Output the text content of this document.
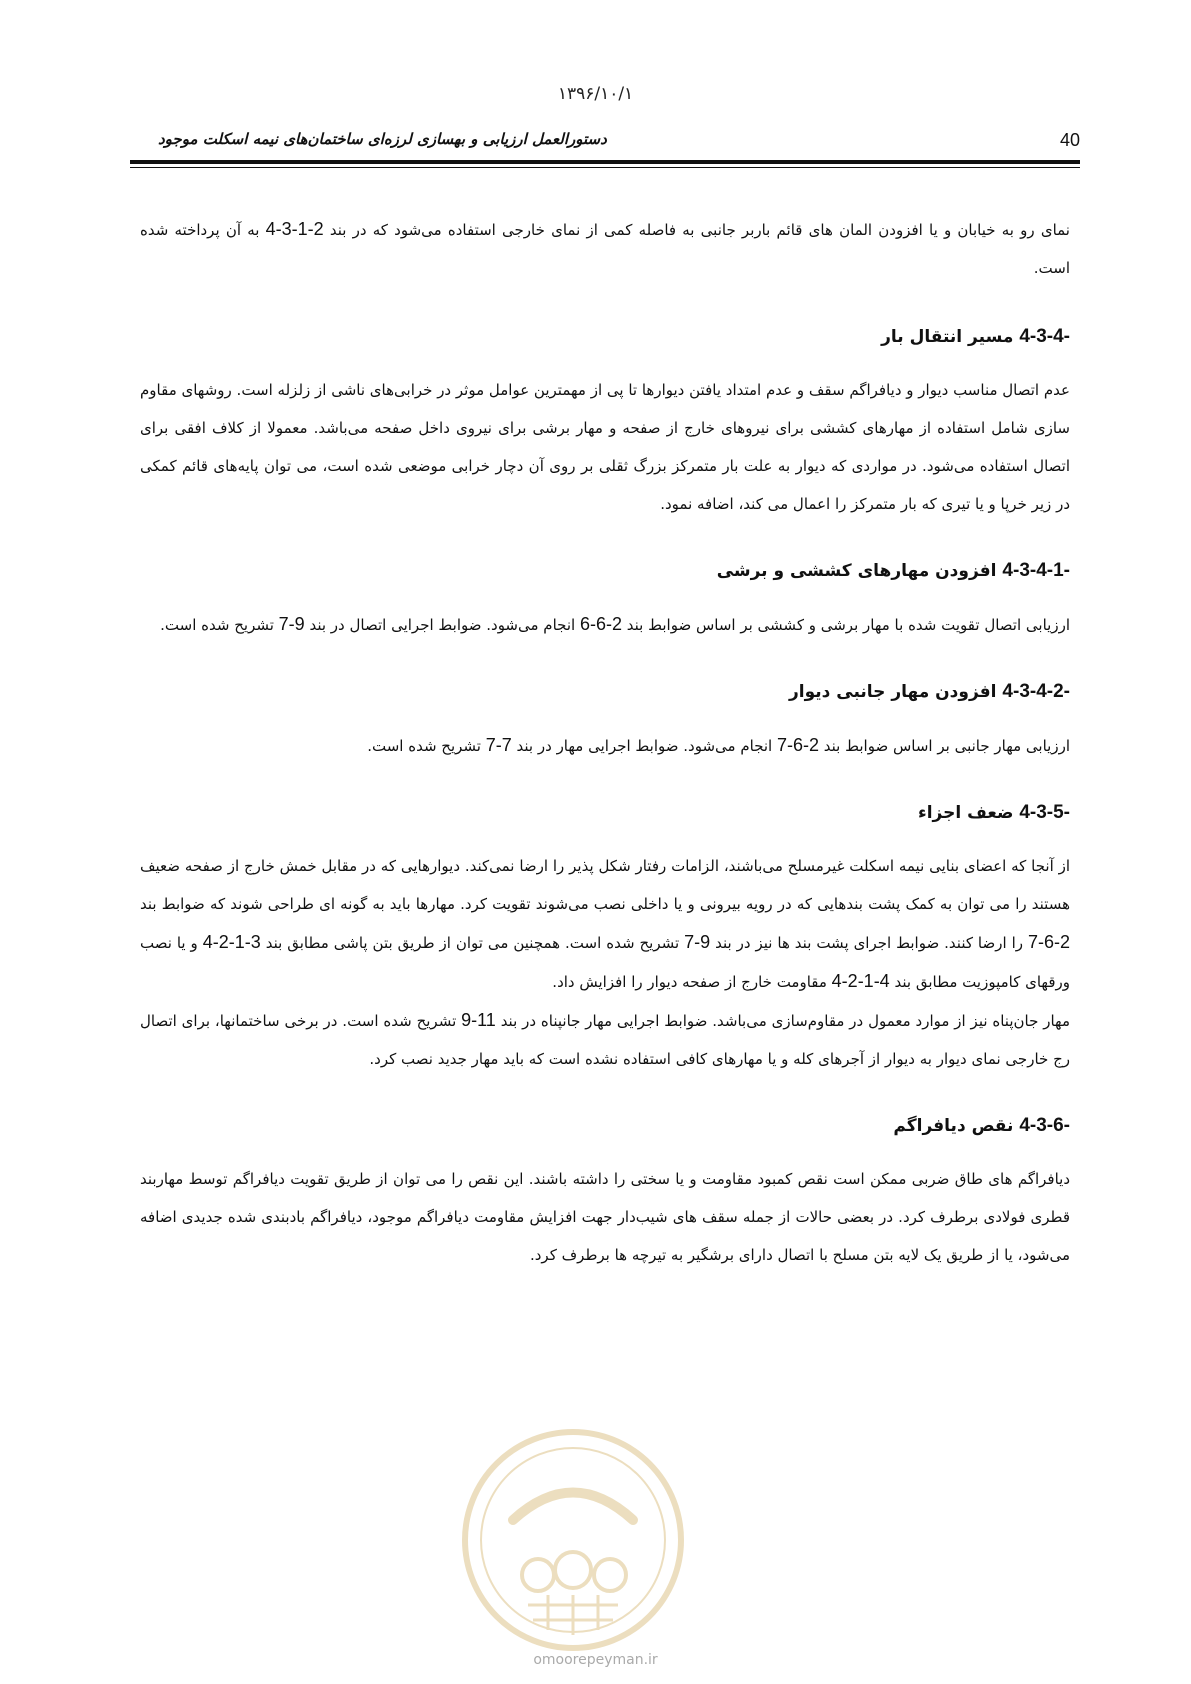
۱۳۹۶/۱۰/۱
40
دستورالعمل ارزیابی و بهسازی لرزه‌ای ساختمان‌های نیمه اسکلت موجود

نمای رو به خیابان و یا افزودن المان های قائم باربر جانبی به فاصله کمی از نمای خارجی استفاده می‌شود که در بند 4-3-1-2 به آن پرداخته شده است.

4-3-4- مسیر انتقال بار

عدم اتصال مناسب دیوار و دیافراگم سقف و عدم امتداد یافتن دیوارها تا پی از مهمترین عوامل موثر در خرابی‌های ناشی از زلزله است. روشهای مقاوم سازی شامل استفاده از مهارهای کششی برای نیروهای خارج از صفحه و مهار برشی برای نیروی داخل صفحه می‌باشد. معمولا از کلاف افقی برای اتصال استفاده می‌شود. در مواردی که دیوار به علت بار متمرکز بزرگ ثقلی بر روی آن دچار خرابی موضعی شده است، می توان پایه‌های قائم کمکی در زیر خرپا و یا تیری که بار متمرکز را اعمال می کند، اضافه نمود.

4-3-4-1- افزودن مهارهای کششی و برشی

ارزیابی اتصال تقویت شده با مهار برشی و کششی بر اساس ضوابط بند 6-6-2 انجام می‌شود. ضوابط اجرایی اتصال در بند 7-9 تشریح شده است.

4-3-4-2- افزودن مهار جانبی دیوار

ارزیابی مهار جانبی بر اساس ضوابط بند 7-6-2 انجام می‌شود. ضوابط اجرایی مهار در بند 7-7 تشریح شده است.

4-3-5- ضعف اجزاء

از آنجا که اعضای بنایی نیمه اسکلت غیرمسلح می‌باشند، الزامات رفتار شکل پذیر را ارضا نمی‌کند. دیوارهایی که در مقابل خمش خارج از صفحه ضعیف هستند را می توان به کمک پشت بندهایی که در رویه بیرونی و یا داخلی نصب می‌شوند تقویت کرد. مهارها باید به گونه ای طراحی شوند که ضوابط بند 7-6-2 را ارضا کنند. ضوابط اجرای پشت بند ها نیز در بند 7-9 تشریح شده است. همچنین می توان از طریق بتن پاشی مطابق بند 4-2-1-3 و یا نصب ورقهای کامپوزیت مطابق بند 4-2-1-4 مقاومت خارج از صفحه دیوار را افزایش داد.

مهار جان‌پناه نیز از موارد معمول در مقاوم‌سازی می‌باشد. ضوابط اجرایی مهار جانپناه در بند 9-11 تشریح شده است. در برخی ساختمانها، برای اتصال رج خارجی نمای دیوار به دیوار از آجرهای کله و یا مهارهای کافی استفاده نشده است که باید مهار جدید نصب کرد.

4-3-6- نقص دیافراگم

دیافراگم های طاق ضربی ممکن است نقص کمبود مقاومت و یا سختی را داشته باشند. این نقص را می توان از طریق تقویت دیافراگم توسط مهاربند قطری فولادی برطرف کرد. در بعضی حالات از جمله سقف های شیب‌دار جهت افزایش مقاومت دیافراگم موجود، دیافراگم بادبندی شده جدیدی اضافه می‌شود، یا از طریق یک لایه بتن مسلح با اتصال دارای برشگیر به تیرچه ها برطرف کرد.

omoorepeyman.ir
